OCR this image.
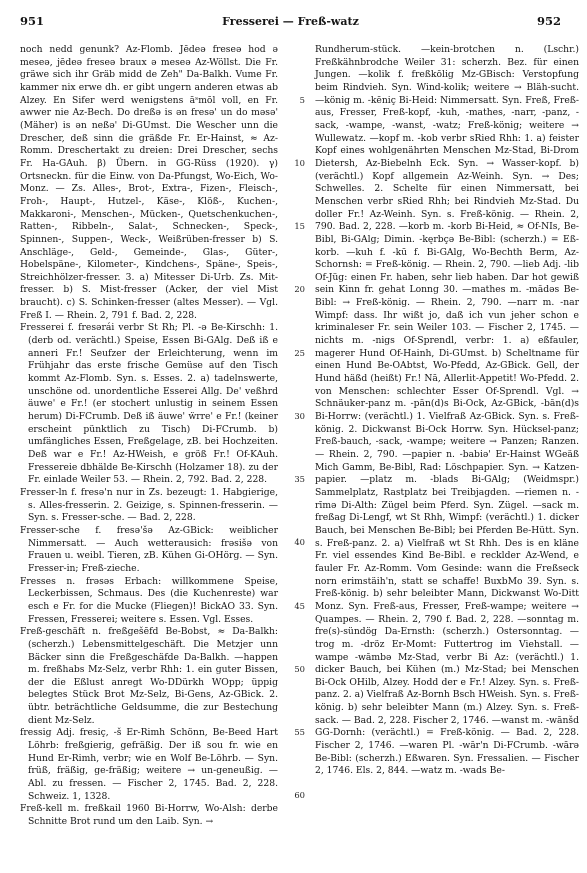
951	Fresserei — Freß-watz	952

noch nedd genunk? Az-Flomb. Jēdeə freseə hod ə meseə, jēdeə freseə braux ə meseə Az-Wöllst. Die Fr. gräwe sich ihr Gräb midd de Zeh" Da-Balkh. Vume Fr. kammer nix erwe dh. er gibt ungern anderen etwas ab Alzey. En Sifer werd wenigstens āˢmōl voll, en Fr. awwer nie Az-Bech. Do dreßə is ən fresə' un do məsə' (Mäher) is ən neßə' Di-GUmst. Die Wescher unn die Drescher, deß sinn die gräßde Fr. Er-Hainst, ≈ Az-Romm. Dreschertakt zu dreien: Drei Drescher, sechs Fr. Ha-GAuh. β) Übern. in GG-Rüss (1920). γ) Ortsneckn. für die Einw. von Da-Pfungst, Wo-Eich, Wo-Monz. — Zs. Alles-, Brot-, Extra-, Fizen-, Fleisch-, Froh-, Haupt-, Hutzel-, Käse-, Klöß-, Kuchen-, Makkaroni-, Menschen-, Mücken-, Quetschenkuchen-, Ratten-, Ribbeln-, Salat-, Schnecken-, Speck-, Spinnen-, Suppen-, Weck-, Weißrüben-fresser b) S. Anschläge-, Geld-, Gemeinde-, Glas-, Güter-, Hobelspäne-, Kilometer-, Kindchens-, Späne-, Speis-, Streichhölzer-fresser. 3. a) Mitesser Di-Urb. Zs. Mit-fresser. b) S. Mist-fresser (Acker, der viel Mist braucht). c) S. Schinken-fresser (altes Messer). — Vgl. Freß I. — Rhein. 2, 791 f. Bad. 2, 228.

Fresserei f. fresərái verbr St Rh; Pl. -ə Be-Kirschh: 1. (derb od. verächtl.) Speise, Essen Bi-GAlg. Deß iß e anneri Fr.! Seufzer der Erleichterung, wenn im Frühjahr das erste frische Gemüse auf den Tisch kommt Az-Flomb. Syn. s. Esses. 2. a) tadelnswerte, unschöne od. unordentliche Esserei Allg. De' veßhrd äuwe' e Fr.! (er stochert unlustig in seinem Essen herum) Di-FCrumb. Deß iß äuwe' ẅrre' e Fr.! (keiner erscheint pünktlich zu Tisch) Di-FCrumb. b) umfängliches Essen, Freßgelage, zB. bei Hochzeiten. Deß war e Fr.! Az-HWeish, e größ Fr.! Of-KAuh. Fressereie dbhälde Be-Kirschh (Holzamer 18). zu der Fr. einlade Weiler 53. — Rhein. 2, 792. Bad. 2, 228.

Fresser-ln f. fresə'n nur in Zs. bezeugt: 1. Habgierige, s. Alles-fresserin. 2. Geizige, s. Spinnen-fresserin. — Syn. s. Fresser-sche. — Bad. 2, 228.

Fresser-sche f. fresə'šə Az-GBick: weiblicher Nimmersatt. — Auch wetterausich: frəsišə von Frauen u. weibl. Tieren, zB. Kühen Gi-OHörg. — Syn. Fresser-in; Freß-zieche.

Fresses n. frəsəs Erbach: willkommene Speise, Leckerbissen, Schmaus. Des (die Kuchenreste) war esch e Fr. for die Mucke (Fliegen)! BickAO 33. Syn. Fressen, Fresserei; weitere s. Essen. Vgl. Esses.

Freß-geschäft n. freßgešēfd Be-Bobst, ≈ Da-Balkh: (scherzh.) Lebensmittelgeschäft. Die Metzjer unn Bäcker sinn die Freßgeschäfde Da-Balkh. —happen m. freßhabs Mz-Selz, verbr Rhh: 1. ein guter Bissen, der die Eßlust anregt Wo-DDürkh WOpp; üppig belegtes Stück Brot Mz-Selz, Bi-Gens, Az-GBick. 2. übtr. beträchtliche Geldsumme, die zur Bestechung dient Mz-Selz.

fressig Adj. fresiç, -š Er-Rimh Schönn, Be-Beed Hart Löhrb: freßgierig, gefräßig. Der iß sou fr. wie en Hund Er-Rimh, verbr; wie en Wolf Be-Löhrb. — Syn. früß, fräßig, ge-fräßig; weitere → un-geneußig. — Abl. zu fressen. — Fischer 2, 1745. Bad. 2, 228. Schweiz. 1, 1328.

Freß-kell m. freßkail 1960 Bi-Horrw, Wo-Alsh: derbe Schnitte Brot rund um den Laib. Syn. →

5
10
15
20
25
30
35
40
45
50
55
60

Rundherum-stück. —kein-brotchen n. (Lschr.) Freßkähnbrodche Weiler 31: scherzh. Bez. für einen Jungen. —kolik f. freßkōlig Mz-GBisch: Verstopfung beim Rindvieh. Syn. Wind-kolik; weitere → Bläh-sucht. —könig m. -kēniç Bi-Heid: Nimmersatt. Syn. Freß, Freß-aus, Fresser, Freß-kopf, -kuh, -mathes, -narr, -panz, -sack, -wampe, -wanst, -watz; Freß-könig; weitere → Wullewatz. —kopf m. -kob verbr sRied Rhh: 1. a) feister Kopf eines wohlgenährten Menschen Mz-Stad, Bi-Drom Dietersh, Az-Biebelnh Eck. Syn. → Wasser-kopf. b) (verächtl.) Kopf allgemein Az-Weinh. Syn. → Des; Schwelles. 2. Schelte für einen Nimmersatt, bei Menschen verbr sRied Rhh; bei Rindvieh Mz-Stad. Du doller Fr.! Az-Weinh. Syn. s. Freß-könig. — Rhein. 2, 790. Bad. 2, 228. —korb m. -korb Bi-Heid, ≈ Of-NIs, Be-Bibl, Bi-GAlg; Dimin. -kęrbçə Be-Bibl: (scherzh.) = Eß-korb. —kuh f. -kū f. Bi-GAlg, Wo-Bechth Berm, Az-Schornsh: = Freß-könig. — Rhein. 2, 790. —lieb Adj. -lib Of-Jüg: einen Fr. haben, sehr lieb haben. Dar hot gewiß sein Kinn fr. gehat Lonng 30. —mathes m. -mādəs Be-Bibl: → Freß-könig. — Rhein. 2, 790. —narr m. -nar Wimpf: dass. Ihr wißt jo, daß ich vun jeher schon e kriminaleser Fr. sein Weiler 103. — Fischer 2, 1745. —nichts m. -nigs Of-Sprendl, verbr: 1. a) eßfauler, magerer Hund Of-Hainh, Di-GUmst. b) Scheltname für einen Hund Be-OAbtst, Wo-Pfedd, Az-GBick. Gell, der Hund häßd (heißt) Fr.! Nā, Allerlit-Appetit! Wo-Pfedd. 2. von Menschen: schlechter Esser Of-Sprendl. Vgl. → Schnäuker-panz m. -pān(d)s Bi-Ock, Az-GBick, -bān(d)s Bi-Horrw: (verächtl.) 1. Vielfraß Az-GBick. Syn. s. Freß-könig. 2. Dickwanst Bi-Ock Horrw. Syn. Hücksel-panz; Freß-bauch, -sack, -wampe; weitere → Panzen; Ranzen. — Rhein. 2, 790. —papier n. -babiə' Er-Hainst WGeäß Mich Gamm, Be-Bibl, Rad: Löschpapier. Syn. → Katzen-papier. —platz m. -blads Bi-GAlg; (Weidmspr.) Sammelplatz, Rastplatz bei Treibjagden. —riemen n. -rīmə Di-Alth: Zügel beim Pferd. Syn. Zügel. —sack m. freßag Di-Lengf, wt St Rhh, Wimpf: (verächtl.) 1. dicker Bauch, bei Menschen Be-Bibl; bei Pferden Be-Hütt. Syn. s. Freß-panz. 2. a) Vielfraß wt St Rhh. Des is en kläne Fr. viel essendes Kind Be-Bibl. e recklder Az-Wend, e fauler Fr. Az-Romm. Vom Gesinde: wann die Freßseck norn erimstäih'n, statt se schaffe! BuxbMo 39. Syn. s. Freß-könig. b) sehr beleibter Mann, Dickwanst Wo-Ditt Monz. Syn. Freß-aus, Fresser, Freß-wampe; weitere → Quampes. — Rhein. 2, 790 f. Bad. 2, 228. —sonntag m. fre(s)-sündög Da-Ernsth: (scherzh.) Ostersonntag. —trog m. -dröz Er-Momt: Futtertrog im Viehstall. —wampe -wāmbə Mz-Stad, verbr Bi Az: (verächtl.) 1. dicker Bauch, bei Kühen (m.) Mz-Stad; bei Menschen Bi-Ock OHilb, Alzey. Hodd der e Fr.! Alzey. Syn. s. Freß-panz. 2. a) Vielfraß Az-Bornh Bsch HWeish. Syn. s. Freß-könig. b) sehr beleibter Mann (m.) Alzey. Syn. s. Freß-sack. — Bad. 2, 228. Fischer 2, 1746. —wanst m. -wānšd GG-Dornh: (verächtl.) = Freß-könig. — Bad. 2, 228. Fischer 2, 1746. —waren Pl. -wār'n Di-FCrumb. -wārə Be-Bibl: (scherzh.) Eßwaren. Syn. Fressalien. — Fischer 2, 1746. Els. 2, 844. —watz m. -wads Be-
